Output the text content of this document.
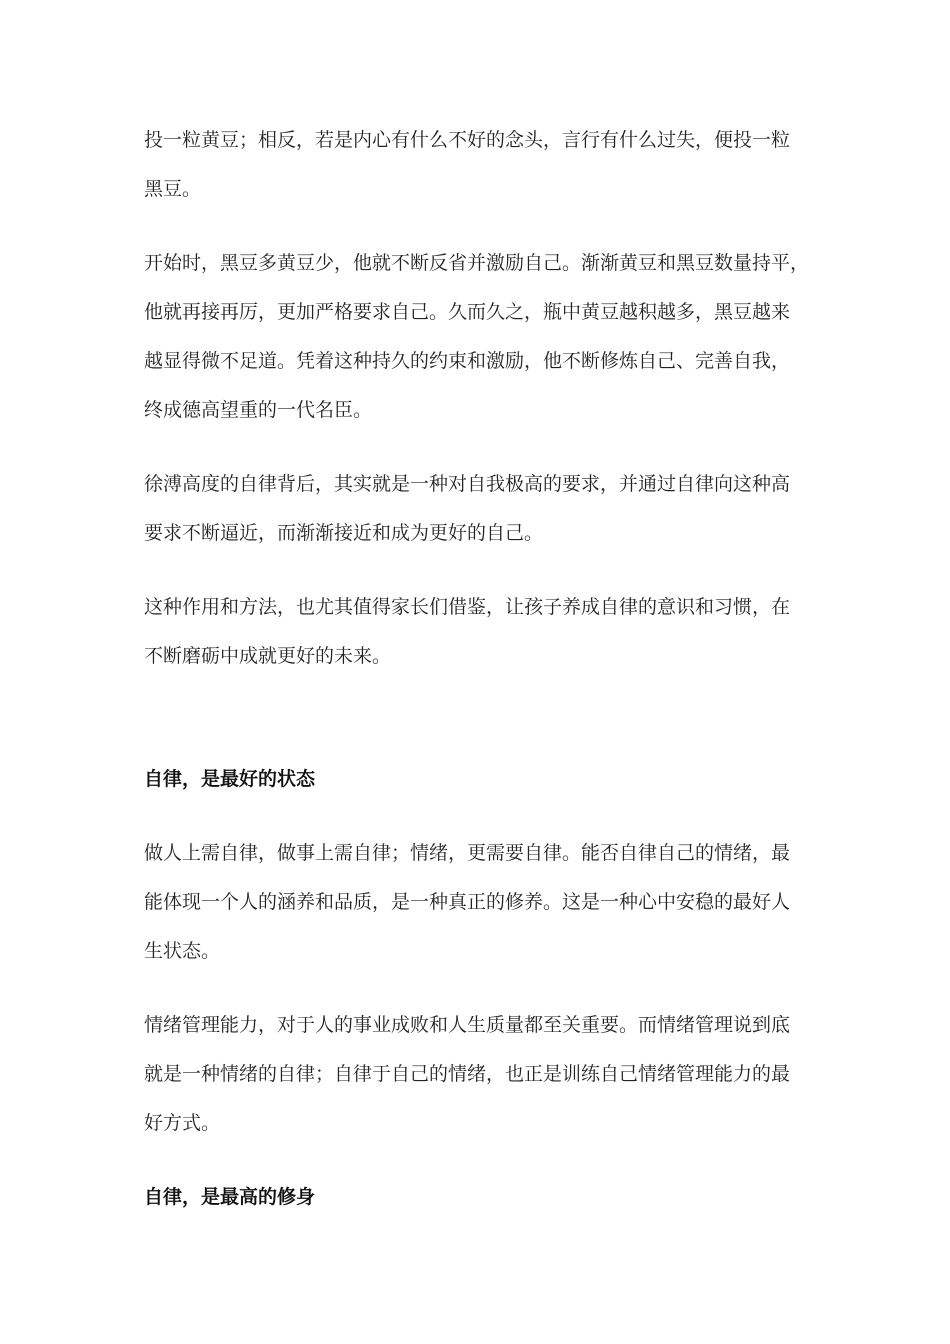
投一粒黄豆；相反，若是内心有什么不好的念头，言行有什么过失，便投一粒
黑豆。

开始时，黑豆多黄豆少，他就不断反省并激励自己。渐渐黄豆和黑豆数量持平，
他就再接再厉，更加严格要求自己。久而久之，瓶中黄豆越积越多，黑豆越来
越显得微不足道。凭着这种持久的约束和激励，他不断修炼自己、完善自我，
终成德高望重的一代名臣。

徐溥高度的自律背后，其实就是一种对自我极高的要求，并通过自律向这种高
要求不断逼近，而渐渐接近和成为更好的自己。

这种作用和方法，也尤其值得家长们借鉴，让孩子养成自律的意识和习惯，在
不断磨砺中成就更好的未来。

自律，是最好的状态

做人上需自律，做事上需自律；情绪，更需要自律。能否自律自己的情绪，最
能体现一个人的涵养和品质，是一种真正的修养。这是一种心中安稳的最好人
生状态。

情绪管理能力，对于人的事业成败和人生质量都至关重要。而情绪管理说到底
就是一种情绪的自律；自律于自己的情绪，也正是训练自己情绪管理能力的最
好方式。

自律，是最高的修身
